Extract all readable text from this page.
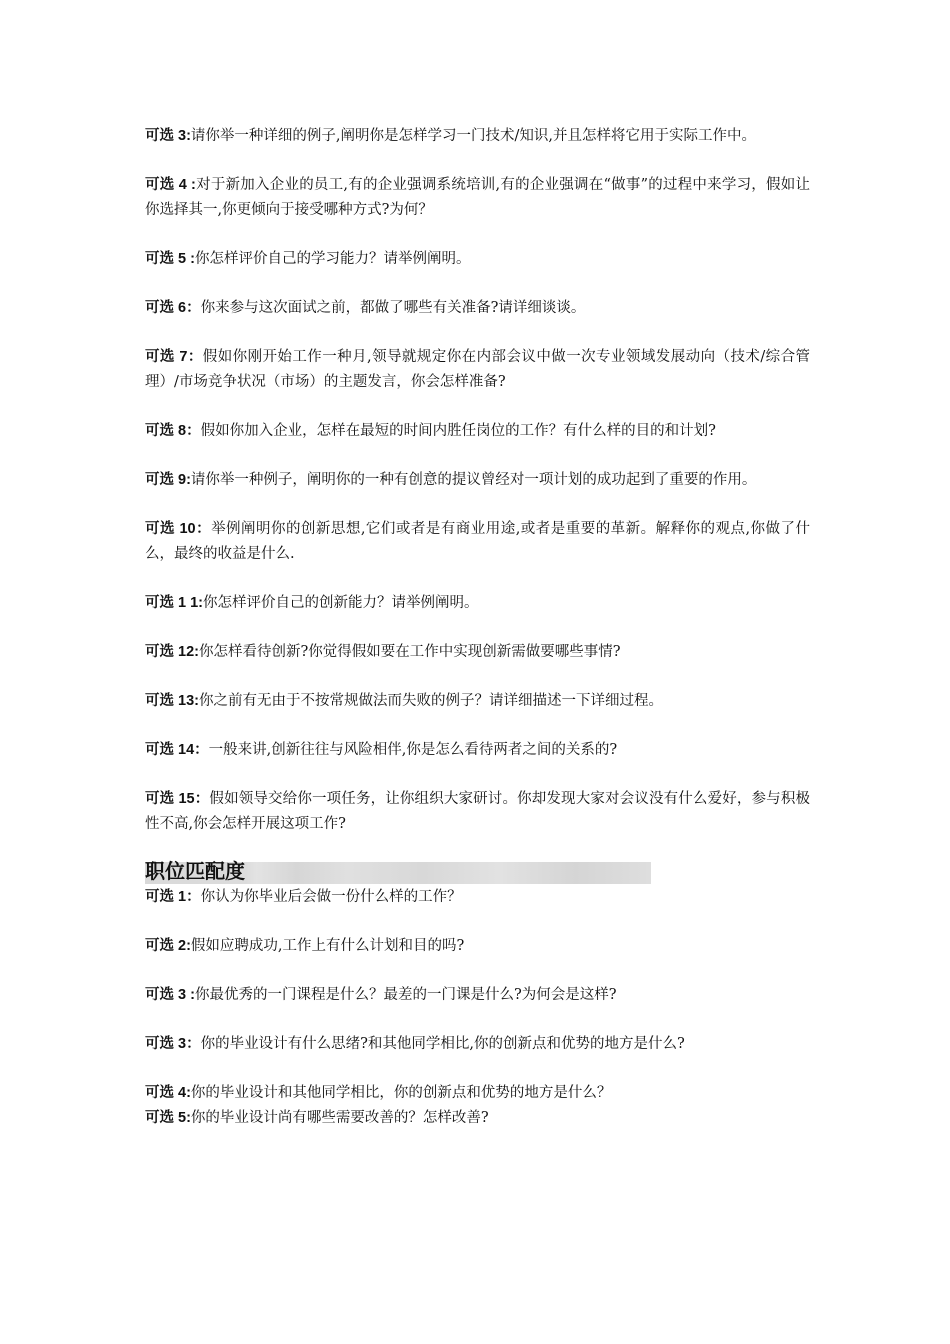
可选 3:请你举一种详细的例子,阐明你是怎样学习一门技术/知识,并且怎样将它用于实际工作中。

可选 4 :对于新加入企业的员工,有的企业强调系统培训,有的企业强调在“做事”的过程中来学习，假如让你选择其一,你更倾向于接受哪种方式?为何？

可选 5 :你怎样评价自己的学习能力？请举例阐明。

可选 6：你来参与这次面试之前，都做了哪些有关准备?请详细谈谈。

可选 7：假如你刚开始工作一种月,领导就规定你在内部会议中做一次专业领域发展动向（技术/综合管理）/市场竞争状况（市场）的主题发言，你会怎样准备?

可选 8：假如你加入企业，怎样在最短的时间内胜任岗位的工作？有什么样的目的和计划?

可选 9:请你举一种例子，阐明你的一种有创意的提议曾经对一项计划的成功起到了重要的作用。

可选 10：举例阐明你的创新思想,它们或者是有商业用途,或者是重要的革新。解释你的观点,你做了什么，最终的收益是什么.

可选 1 1:你怎样评价自己的创新能力？请举例阐明。

可选 12:你怎样看待创新?你觉得假如要在工作中实现创新需做要哪些事情?

可选 13:你之前有无由于不按常规做法而失败的例子？请详细描述一下详细过程。

可选 14：一般来讲,创新往往与风险相伴,你是怎么看待两者之间的关系的?

可选 15：假如领导交给你一项任务，让你组织大家研讨。你却发现大家对会议没有什么爱好，参与积极性不高,你会怎样开展这项工作?

职位匹配度

可选 1：你认为你毕业后会做一份什么样的工作？

可选 2:假如应聘成功,工作上有什么计划和目的吗?

可选 3 :你最优秀的一门课程是什么？最差的一门课是什么?为何会是这样?

可选 3：你的毕业设计有什么思绪?和其他同学相比,你的创新点和优势的地方是什么?

可选 4:你的毕业设计和其他同学相比，你的创新点和优势的地方是什么？

可选 5:你的毕业设计尚有哪些需要改善的？怎样改善?
